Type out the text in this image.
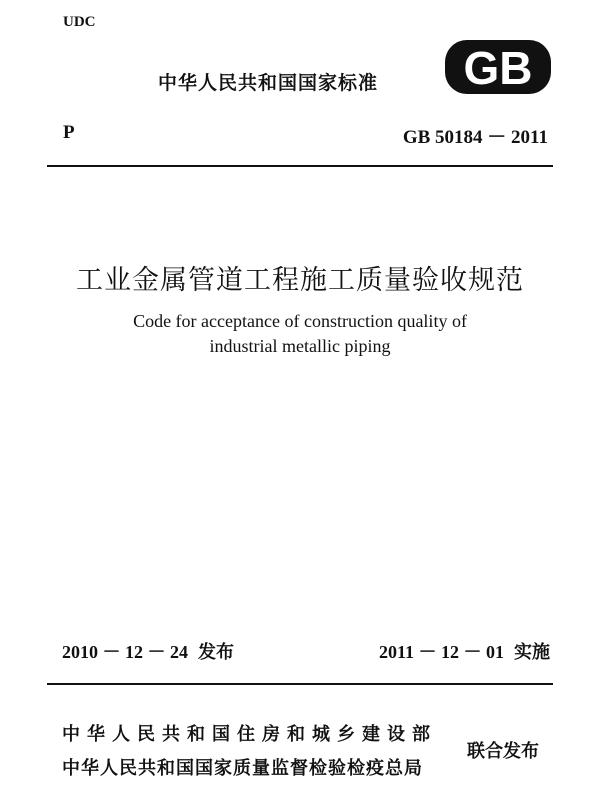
UDC
中华人民共和国国家标准 GB
P	GB 50184 － 2011
工业金属管道工程施工质量验收规范
Code for acceptance of construction quality of
industrial metallic piping
2010 － 12 － 24 发布	2011 － 12 － 01 实施
中华人民共和国住房和城乡建设部
中华人民共和国国家质量监督检验检疫总局
联合发布
